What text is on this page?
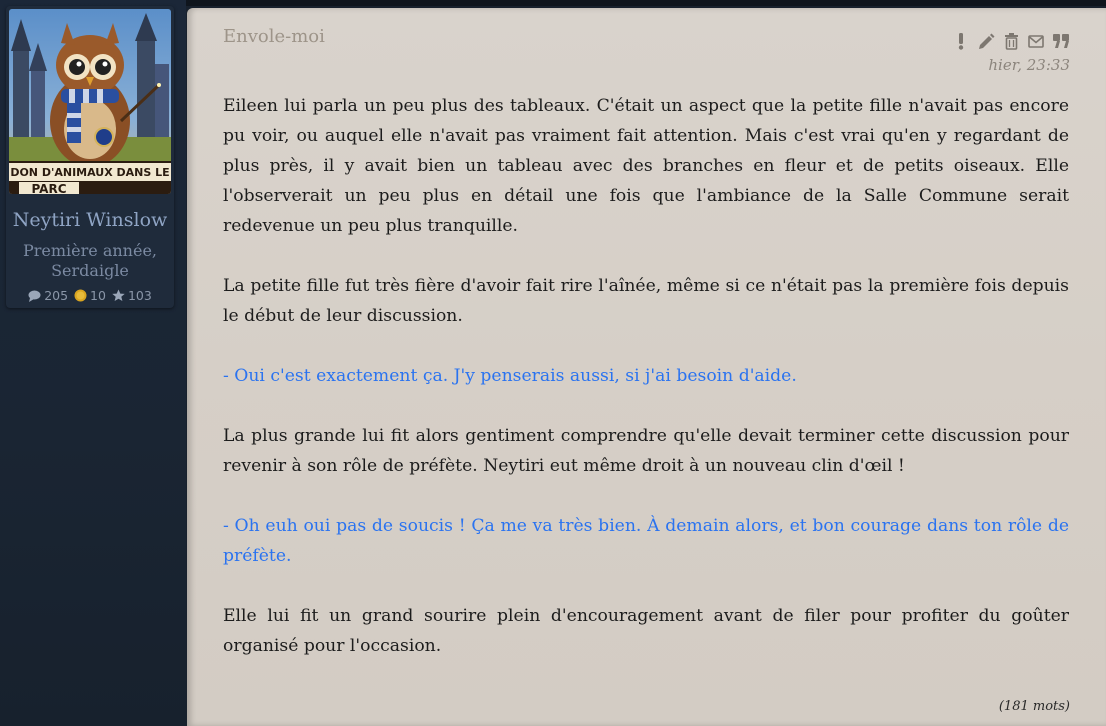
DON D'ANIMAUX DANS LE
PARC
Neytiri Winslow
Première année,
Serdaigle
205 10 103
Envole-moi
hier, 23:33

Eileen lui parla un peu plus des tableaux. C'était un aspect que la petite fille n'avait pas encore pu voir, ou auquel elle n'avait pas vraiment fait attention. Mais c'est vrai qu'en y regardant de plus près, il y avait bien un tableau avec des branches en fleur et de petits oiseaux. Elle l'observerait un peu plus en détail une fois que l'ambiance de la Salle Commune serait redevenue un peu plus tranquille.

La petite fille fut très fière d'avoir fait rire l'aînée, même si ce n'était pas la première fois depuis le début de leur discussion.

- Oui c'est exactement ça. J'y penserais aussi, si j'ai besoin d'aide.

La plus grande lui fit alors gentiment comprendre qu'elle devait terminer cette discussion pour revenir à son rôle de préfète. Neytiri eut même droit à un nouveau clin d'œil !

- Oh euh oui pas de soucis ! Ça me va très bien. À demain alors, et bon courage dans ton rôle de préfète.

Elle lui fit un grand sourire plein d'encouragement avant de filer pour profiter du goûter organisé pour l'occasion.

(181 mots)
